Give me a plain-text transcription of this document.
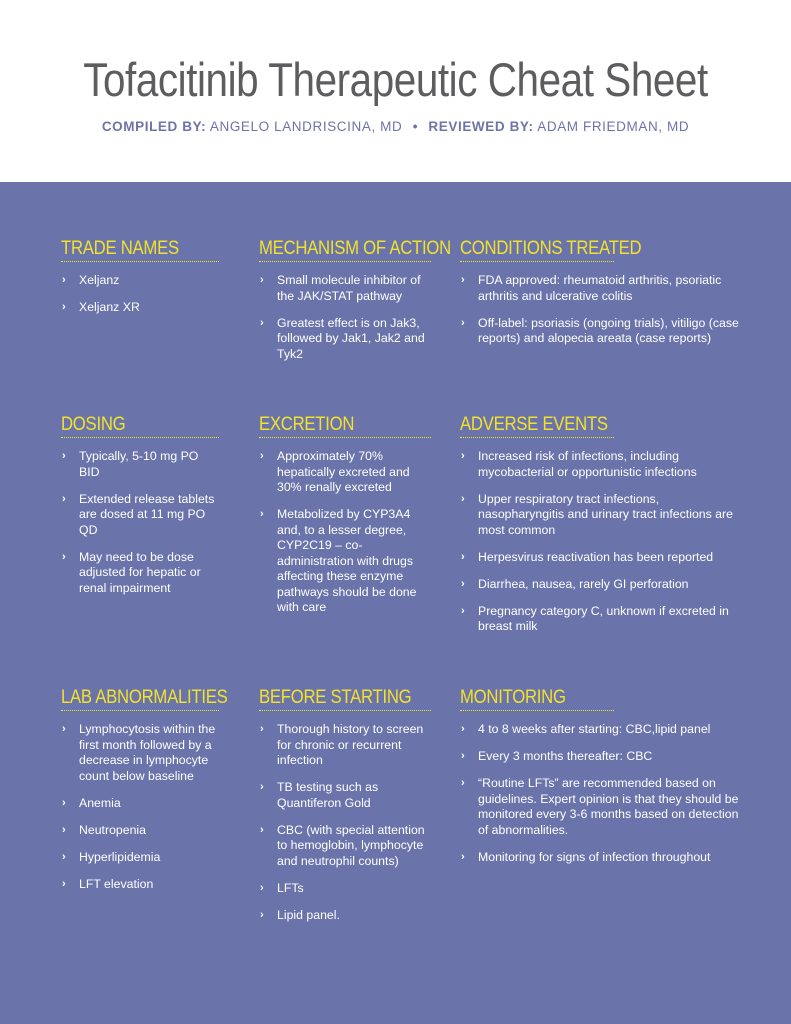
Tofacitinib Therapeutic Cheat Sheet
COMPILED BY: ANGELO LANDRISCINA, MD • REVIEWED BY: ADAM FRIEDMAN, MD
TRADE NAMES
› Xeljanz
› Xeljanz XR
MECHANISM OF ACTION
› Small molecule inhibitor of the JAK/STAT pathway
› Greatest effect is on Jak3, followed by Jak1, Jak2 and Tyk2
CONDITIONS TREATED
› FDA approved: rheumatoid arthritis, psoriatic arthritis and ulcerative colitis
› Off-label: psoriasis (ongoing trials), vitiligo (case reports) and alopecia areata (case reports)
DOSING
› Typically, 5-10 mg PO BID
› Extended release tablets are dosed at 11 mg PO QD
› May need to be dose adjusted for hepatic or renal impairment
EXCRETION
› Approximately 70% hepatically excreted and 30% renally excreted
› Metabolized by CYP3A4 and, to a lesser degree, CYP2C19 – co-administration with drugs affecting these enzyme pathways should be done with care
ADVERSE EVENTS
› Increased risk of infections, including mycobacterial or opportunistic infections
› Upper respiratory tract infections, nasopharyngitis and urinary tract infections are most common
› Herpesvirus reactivation has been reported
› Diarrhea, nausea, rarely GI perforation
› Pregnancy category C, unknown if excreted in breast milk
LAB ABNORMALITIES
› Lymphocytosis within the first month followed by a decrease in lymphocyte count below baseline
› Anemia
› Neutropenia
› Hyperlipidemia
› LFT elevation
BEFORE STARTING
› Thorough history to screen for chronic or recurrent infection
› TB testing such as Quantiferon Gold
› CBC (with special attention to hemoglobin, lymphocyte and neutrophil counts)
› LFTs
› Lipid panel.
MONITORING
› 4 to 8 weeks after starting: CBC,lipid panel
› Every 3 months thereafter: CBC
› “Routine LFTs” are recommended based on guidelines. Expert opinion is that they should be monitored every 3-6 months based on detection of abnormalities.
› Monitoring for signs of infection throughout
